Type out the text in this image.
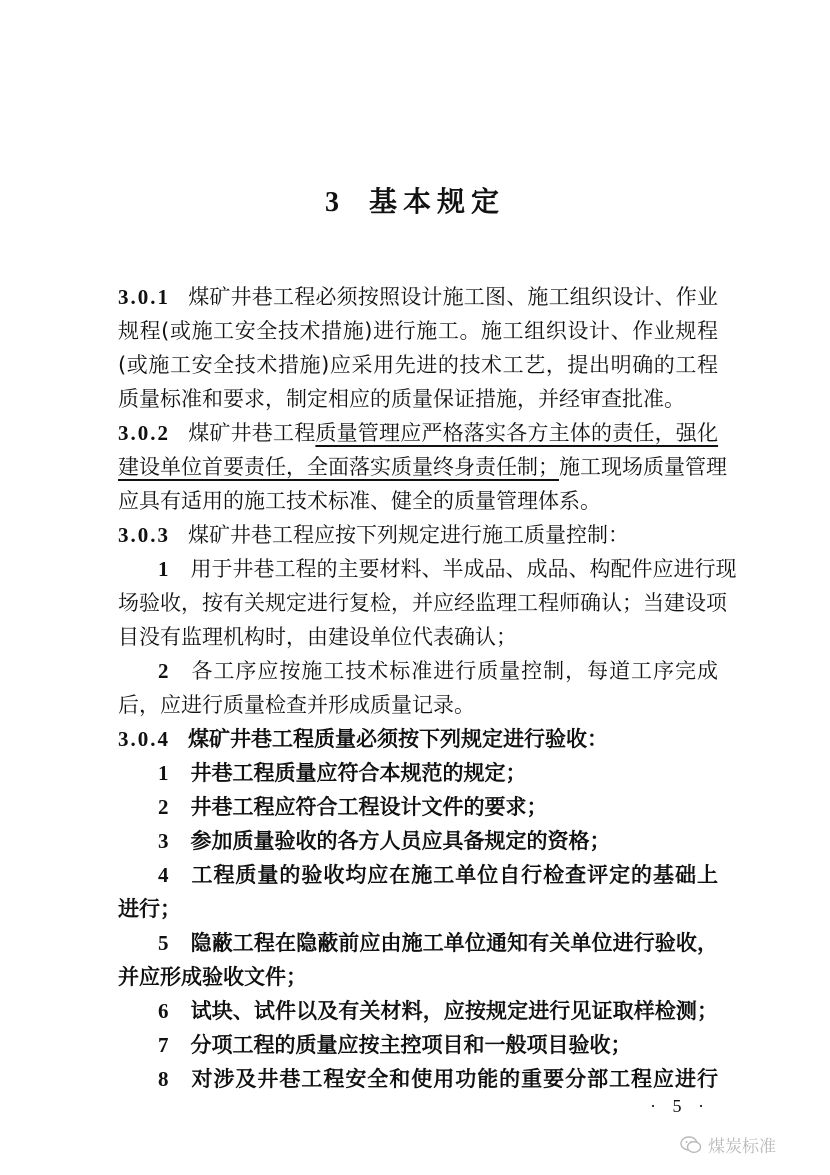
3 基本规定
3.0.1 煤矿井巷工程必须按照设计施工图、施工组织设计、作业
规程(或施工安全技术措施)进行施工。施工组织设计、作业规程
(或施工安全技术措施)应采用先进的技术工艺，提出明确的工程
质量标准和要求，制定相应的质量保证措施，并经审查批准。
3.0.2 煤矿井巷工程质量管理应严格落实各方主体的责任，强化
建设单位首要责任，全面落实质量终身责任制；施工现场质量管理
应具有适用的施工技术标准、健全的质量管理体系。
3.0.3 煤矿井巷工程应按下列规定进行施工质量控制：
1 用于井巷工程的主要材料、半成品、成品、构配件应进行现
场验收，按有关规定进行复检，并应经监理工程师确认；当建设项
目没有监理机构时，由建设单位代表确认；
2 各工序应按施工技术标准进行质量控制，每道工序完成
后，应进行质量检查并形成质量记录。
3.0.4 煤矿井巷工程质量必须按下列规定进行验收：
1 井巷工程质量应符合本规范的规定；
2 井巷工程应符合工程设计文件的要求；
3 参加质量验收的各方人员应具备规定的资格；
4 工程质量的验收均应在施工单位自行检查评定的基础上
进行；
5 隐蔽工程在隐蔽前应由施工单位通知有关单位进行验收，
并应形成验收文件；
6 试块、试件以及有关材料，应按规定进行见证取样检测；
7 分项工程的质量应按主控项目和一般项目验收；
8 对涉及井巷工程安全和使用功能的重要分部工程应进行
· 5 ·
煤炭标准
